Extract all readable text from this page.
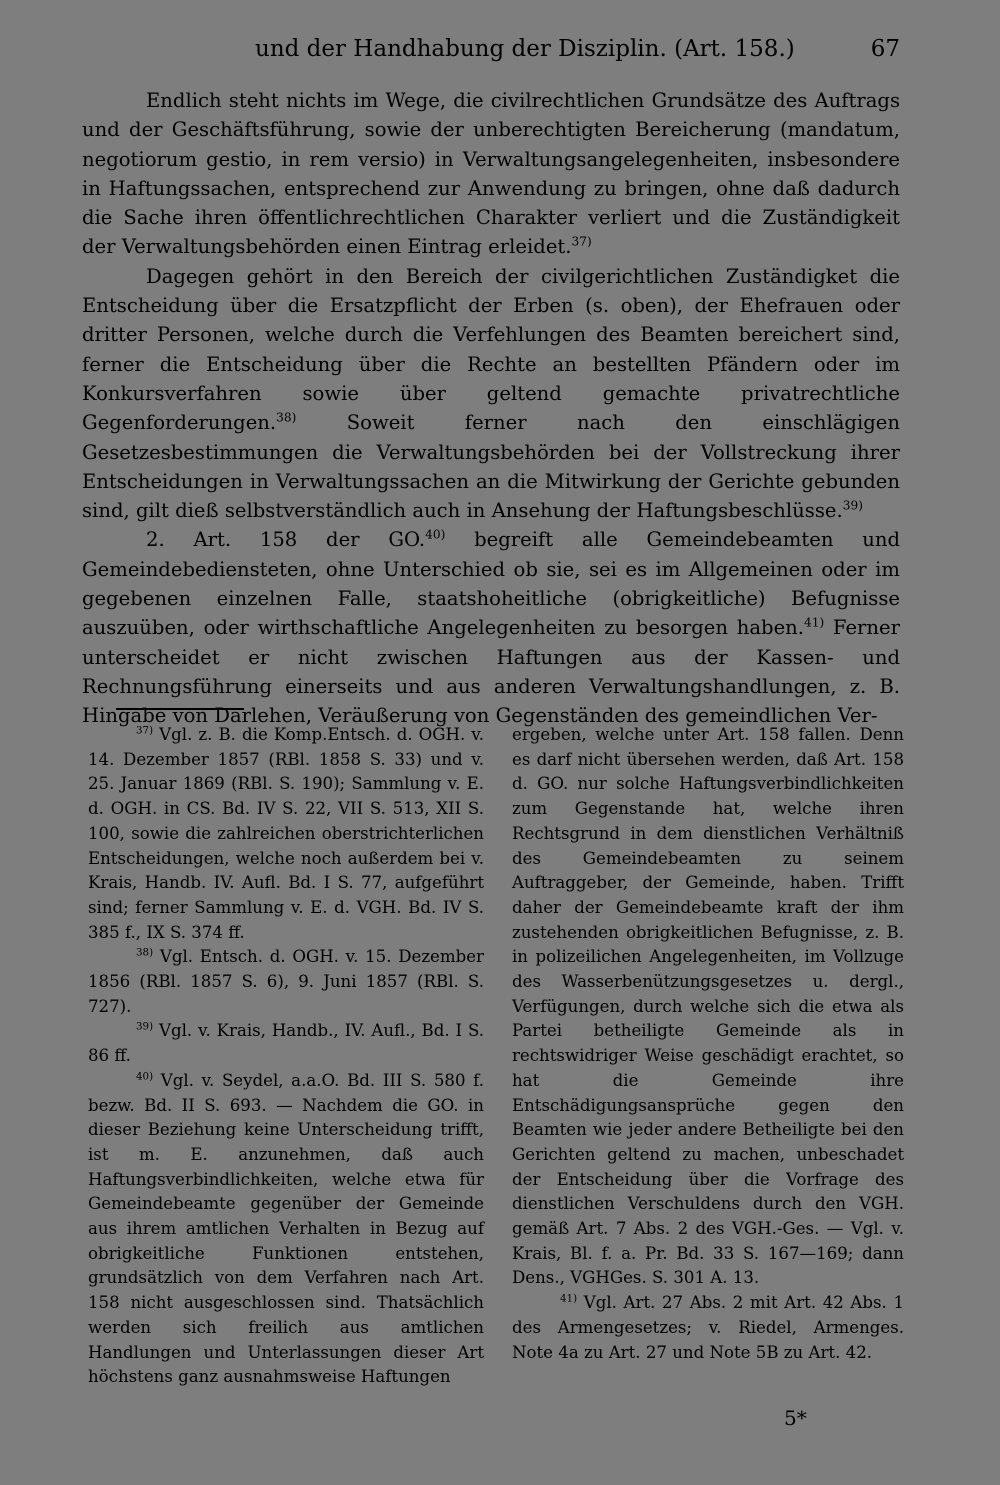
und der Handhabung der Disziplin. (Art. 158.)	67

Endlich steht nichts im Wege, die civilrechtlichen Grundsätze des Auftrags und der Geschäftsführung, sowie der unberechtigten Bereicherung (mandatum, negotiorum gestio, in rem versio) in Verwaltungsangelegenheiten, insbesondere in Haftungssachen, entsprechend zur Anwendung zu bringen, ohne daß dadurch die Sache ihren öffentlichrechtlichen Charakter verliert und die Zuständigkeit der Verwaltungsbehörden einen Eintrag erleidet.$^{37)}$

Dagegen gehört in den Bereich der civilgerichtlichen Zuständigket die Entscheidung über die Ersatzpflicht der Erben (s. oben), der Ehefrauen oder dritter Personen, welche durch die Verfehlungen des Beamten bereichert sind, ferner die Entscheidung über die Rechte an bestellten Pfändern oder im Konkursverfahren sowie über geltend gemachte privatrechtliche Gegenforderungen.$^{38)}$ Soweit ferner nach den einschlägigen Gesetzesbestimmungen die Verwaltungsbehörden bei der Vollstreckung ihrer Entscheidungen in Verwaltungssachen an die Mitwirkung der Gerichte gebunden sind, gilt dieß selbstverständlich auch in Ansehung der Haftungsbeschlüsse.$^{39)}$

2. Art. 158 der GO.$^{40)}$ begreift alle Gemeindebeamten und Gemeindebediensteten, ohne Unterschied ob sie, sei es im Allgemeinen oder im gegebenen einzelnen Falle, staatshoheitliche (obrigkeitliche) Befugnisse auszuüben, oder wirthschaftliche Angelegenheiten zu besorgen haben.$^{41)}$ Ferner unterscheidet er nicht zwischen Haftungen aus der Kassen- und Rechnungsführung einerseits und aus anderen Verwaltungshandlungen, z. B. Hingabe von Darlehen, Veräußerung von Gegenständen des gemeindlichen Ver-

$^{37)}$ Vgl. z. B. die Komp.Entsch. d. OGH. v. 14. Dezember 1857 (RBl. 1858 S. 33) und v. 25. Januar 1869 (RBl. S. 190); Sammlung v. E. d. OGH. in CS. Bd. IV S. 22, VII S. 513, XII S. 100, sowie die zahlreichen oberstrichterlichen Entscheidungen, welche noch außerdem bei v. Krais, Handb. IV. Aufl. Bd. I S. 77, aufgeführt sind; ferner Sammlung v. E. d. VGH. Bd. IV S. 385 f., IX S. 374 ff.

$^{38)}$ Vgl. Entsch. d. OGH. v. 15. Dezember 1856 (RBl. 1857 S. 6), 9. Juni 1857 (RBl. S. 727).

$^{39)}$ Vgl. v. Krais, Handb., IV. Aufl., Bd. I S. 86 ff.

$^{40)}$ Vgl. v. Seydel, a.a.O. Bd. III S. 580 f. bezw. Bd. II S. 693. — Nachdem die GO. in dieser Beziehung keine Unterscheidung trifft, ist m. E. anzunehmen, daß auch Haftungsverbindlichkeiten, welche etwa für Gemeindebeamte gegenüber der Gemeinde aus ihrem amtlichen Verhalten in Bezug auf obrigkeitliche Funktionen entstehen, grundsätzlich von dem Verfahren nach Art. 158 nicht ausgeschlossen sind. Thatsächlich werden sich freilich aus amtlichen Handlungen und Unterlassungen dieser Art höchstens ganz ausnahmsweise Haftungen

ergeben, welche unter Art. 158 fallen. Denn es darf nicht übersehen werden, daß Art. 158 d. GO. nur solche Haftungsverbindlichkeiten zum Gegenstande hat, welche ihren Rechtsgrund in dem dienstlichen Verhältniß des Gemeindebeamten zu seinem Auftraggeber, der Gemeinde, haben. Trifft daher der Gemeindebeamte kraft der ihm zustehenden obrigkeitlichen Befugnisse, z. B. in polizeilichen Angelegenheiten, im Vollzuge des Wasserbenützungsgesetzes u. dergl., Verfügungen, durch welche sich die etwa als Partei betheiligte Gemeinde als in rechtswidriger Weise geschädigt erachtet, so hat die Gemeinde ihre Entschädigungsansprüche gegen den Beamten wie jeder andere Betheiligte bei den Gerichten geltend zu machen, unbeschadet der Entscheidung über die Vorfrage des dienstlichen Verschuldens durch den VGH. gemäß Art. 7 Abs. 2 des VGH.-Ges. — Vgl. v. Krais, Bl. f. a. Pr. Bd. 33 S. 167—169; dann Dens., VGHGes. S. 301 A. 13.

$^{41)}$ Vgl. Art. 27 Abs. 2 mit Art. 42 Abs. 1 des Armengesetzes; v. Riedel, Armenges. Note 4a zu Art. 27 und Note 5B zu Art. 42.

5*
